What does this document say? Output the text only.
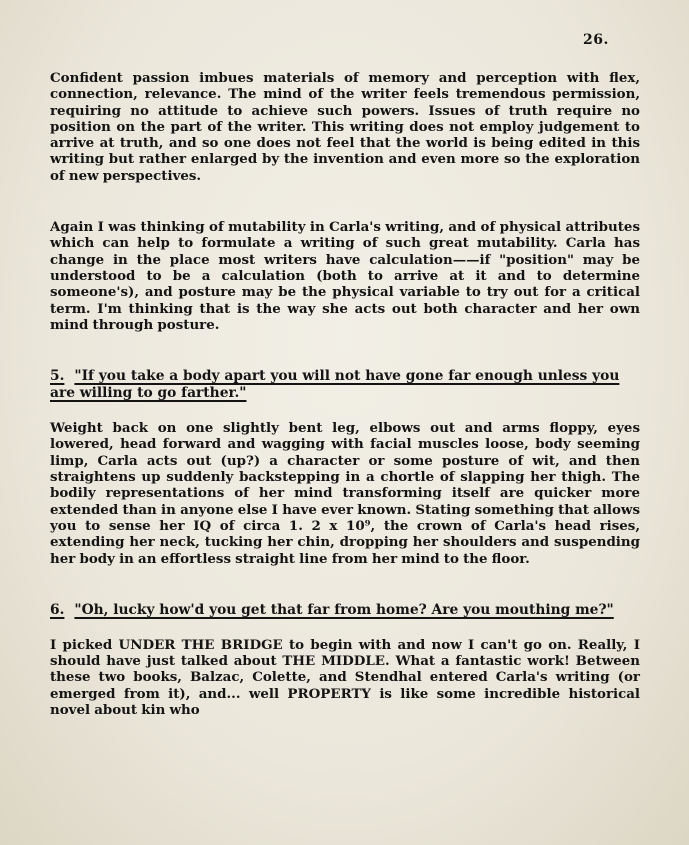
26.

Confident passion imbues materials of memory and perception with flex, connection, relevance. The mind of the writer feels tremendous permission, requiring no attitude to achieve such powers. Issues of truth require no position on the part of the writer. This writing does not employ judgement to arrive at truth, and so one does not feel that the world is being edited in this writing but rather enlarged by the invention and even more so the exploration of new perspectives.

Again I was thinking of mutability in Carla's writing, and of physical attributes which can help to formulate a writing of such great mutability. Carla has change in the place most writers have calculation——if "position" may be understood to be a calculation (both to arrive at it and to determine someone's), and posture may be the physical variable to try out for a critical term. I'm thinking that is the way she acts out both character and her own mind through posture.

5. "If you take a body apart you will not have gone far enough unless you are willing to go farther."

Weight back on one slightly bent leg, elbows out and arms floppy, eyes lowered, head forward and wagging with facial muscles loose, body seeming limp, Carla acts out (up?) a character or some posture of wit, and then straightens up suddenly backstepping in a chortle of slapping her thigh. The bodily representations of her mind transforming itself are quicker more extended than in anyone else I have ever known. Stating something that allows you to sense her IQ of circa 1. 2 x 10⁹, the crown of Carla's head rises, extending her neck, tucking her chin, dropping her shoulders and suspending her body in an effortless straight line from her mind to the floor.

6. "Oh, lucky how'd you get that far from home? Are you mouthing me?"

I picked UNDER THE BRIDGE to begin with and now I can't go on. Really, I should have just talked about THE MIDDLE. What a fantastic work! Between these two books, Balzac, Colette, and Stendhal entered Carla's writing (or emerged from it), and... well PROPERTY is like some incredible historical novel about kin who
